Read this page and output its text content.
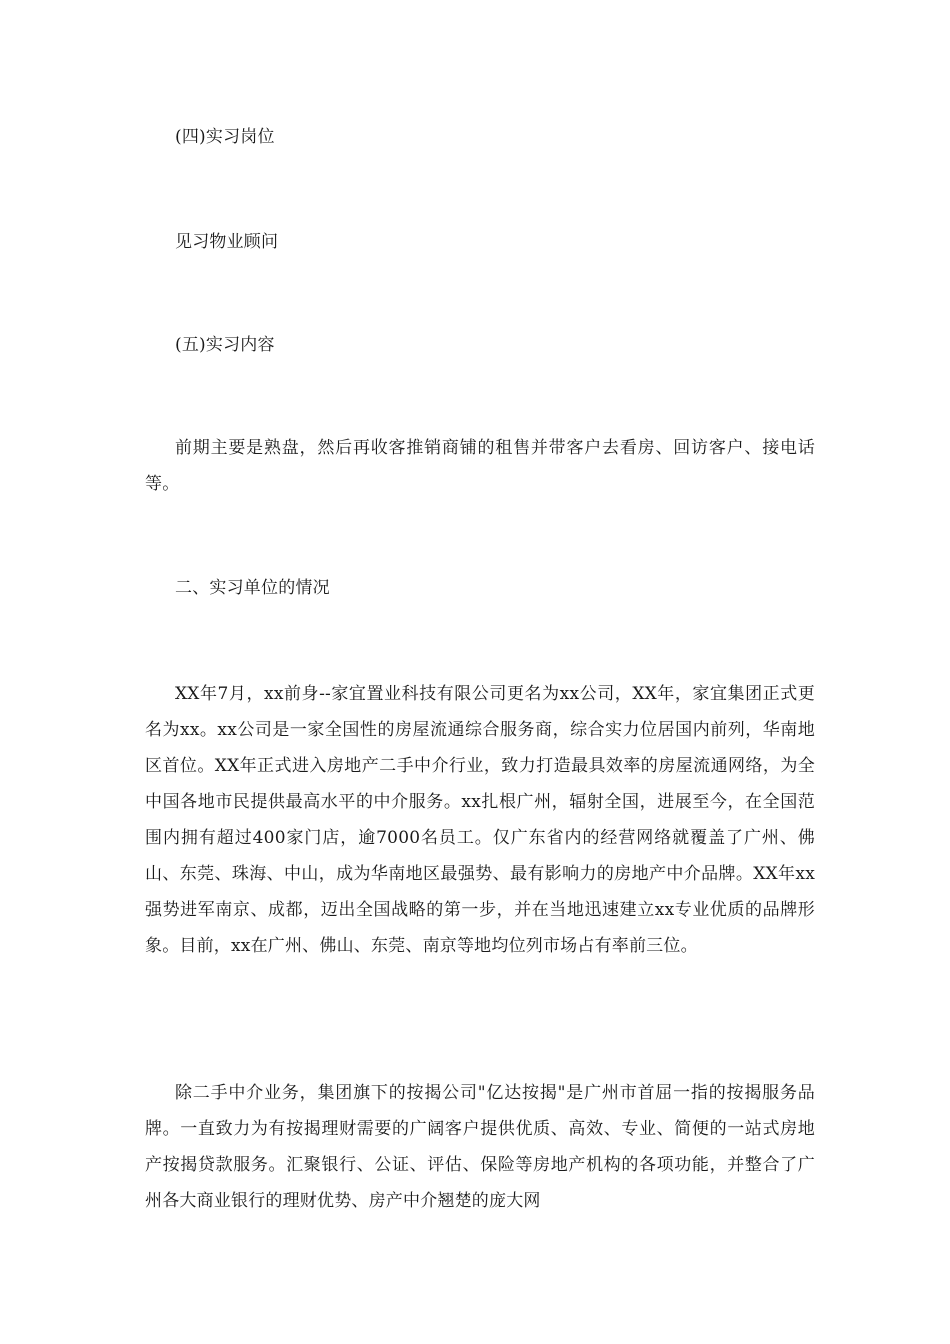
(四)实习岗位

见习物业顾问

(五)实习内容

前期主要是熟盘，然后再收客推销商铺的租售并带客户去看房、回访客户、接电话等。

二、实习单位的情况

XX年7月，xx前身--家宜置业科技有限公司更名为xx公司，XX年，家宜集团正式更名为xx。xx公司是一家全国性的房屋流通综合服务商，综合实力位居国内前列，华南地区首位。XX年正式进入房地产二手中介行业，致力打造最具效率的房屋流通网络，为全中国各地市民提供最高水平的中介服务。xx扎根广州，辐射全国，进展至今，在全国范围内拥有超过400家门店，逾7000名员工。仅广东省内的经营网络就覆盖了广州、佛山、东莞、珠海、中山，成为华南地区最强势、最有影响力的房地产中介品牌。XX年xx强势进军南京、成都，迈出全国战略的第一步，并在当地迅速建立xx专业优质的品牌形象。目前，xx在广州、佛山、东莞、南京等地均位列市场占有率前三位。

除二手中介业务，集团旗下的按揭公司"亿达按揭"是广州市首屈一指的按揭服务品牌。一直致力为有按揭理财需要的广阔客户提供优质、高效、专业、简便的一站式房地产按揭贷款服务。汇聚银行、公证、评估、保险等房地产机构的各项功能，并整合了广州各大商业银行的理财优势、房产中介翘楚的庞大网
